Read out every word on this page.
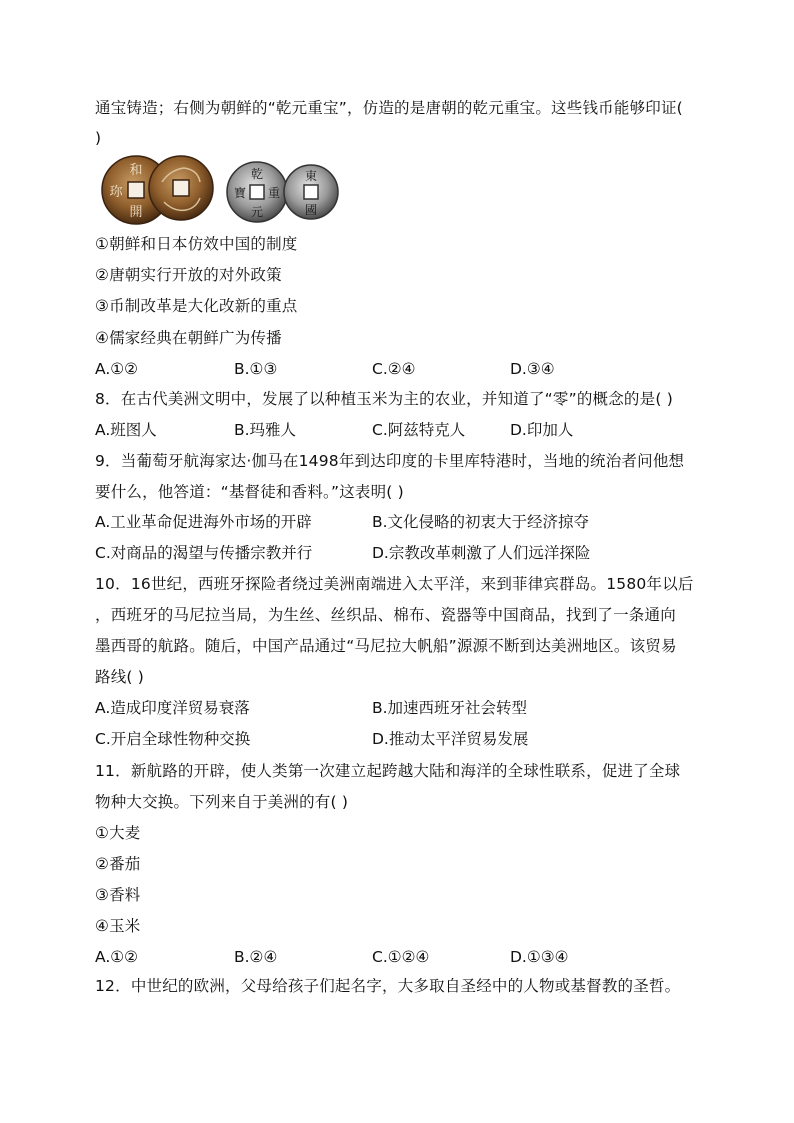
通宝铸造；右侧为朝鲜的“乾元重宝”，仿造的是唐朝的乾元重宝。这些钱币能够印证(
)
和
開
珎
乾
重
寶
元
東
國
①朝鲜和日本仿效中国的制度
②唐朝实行开放的对外政策
③币制改革是大化改新的重点
④儒家经典在朝鲜广为传播
A.①②	B.①③	C.②④	D.③④
8．在古代美洲文明中，发展了以种植玉米为主的农业，并知道了“零”的概念的是( )
A.班图人	B.玛雅人	C.阿兹特克人	D.印加人
9．当葡萄牙航海家达·伽马在1498年到达印度的卡里库特港时，当地的统治者问他想
要什么，他答道：“基督徒和香料。”这表明( )
A.工业革命促进海外市场的开辟	B.文化侵略的初衷大于经济掠夺
C.对商品的渴望与传播宗教并行	D.宗教改革刺激了人们远洋探险
10．16世纪，西班牙探险者绕过美洲南端进入太平洋，来到菲律宾群岛。1580年以后
，西班牙的马尼拉当局，为生丝、丝织品、棉布、瓷器等中国商品，找到了一条通向
墨西哥的航路。随后，中国产品通过“马尼拉大帆船”源源不断到达美洲地区。该贸易
路线( )
A.造成印度洋贸易衰落	B.加速西班牙社会转型
C.开启全球性物种交换	D.推动太平洋贸易发展
11．新航路的开辟，使人类第一次建立起跨越大陆和海洋的全球性联系，促进了全球
物种大交换。下列来自于美洲的有( )
①大麦
②番茄
③香料
④玉米
A.①②	B.②④	C.①②④	D.①③④
12．中世纪的欧洲，父母给孩子们起名字，大多取自圣经中的人物或基督教的圣哲。
